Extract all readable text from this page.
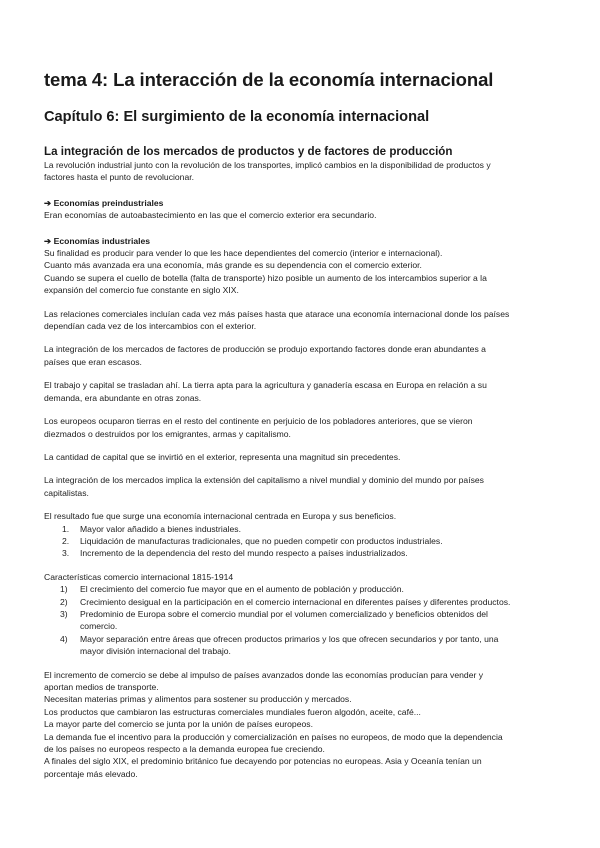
tema 4: La interacción de la economía internacional
Capítulo 6: El surgimiento de la economía internacional
La integración de los mercados de productos y de factores de producción
La revolución industrial junto con la revolución de los transportes, implicó cambios en la disponibilidad de productos y
factores hasta el punto de revolucionar.
➔ Economías preindustriales
Eran economías de autoabastecimiento en las que el comercio exterior era secundario.
➔ Economías industriales
Su finalidad es producir para vender lo que les hace dependientes del comercio (interior e internacional).
Cuanto más avanzada era una economía, más grande es su dependencia con el comercio exterior.
Cuando se supera el cuello de botella (falta de transporte) hizo posible un aumento de los intercambios superior a la
expansión del comercio fue constante en siglo XIX.
Las relaciones comerciales incluían cada vez más países hasta que atarace una economía internacional donde los países
dependían cada vez de los intercambios con el exterior.
La integración de los mercados de factores de producción se produjo exportando factores donde eran abundantes a
países que eran escasos.
El trabajo y capital se trasladan ahí. La tierra apta para la agricultura y ganadería escasa en Europa en relación a su
demanda, era abundante en otras zonas.
Los europeos ocuparon tierras en el resto del continente en perjuicio de los pobladores anteriores, que se vieron
diezmados o destruidos por los emigrantes, armas y capitalismo.
La cantidad de capital que se invirtió en el exterior, representa una magnitud sin precedentes.
La integración de los mercados implica la extensión del capitalismo a nivel mundial y dominio del mundo por países
capitalistas.
El resultado fue que surge una economía internacional centrada en Europa y sus beneficios.
1. Mayor valor añadido a bienes industriales.
2. Liquidación de manufacturas tradicionales, que no pueden competir con productos industriales.
3. Incremento de la dependencia del resto del mundo respecto a países industrializados.
Características comercio internacional 1815-1914
1) El crecimiento del comercio fue mayor que en el aumento de población y producción.
2) Crecimiento desigual en la participación en el comercio internacional en diferentes países y diferentes productos.
3) Predominio de Europa sobre el comercio mundial por el volumen comercializado y beneficios obtenidos del
comercio.
4) Mayor separación entre áreas que ofrecen productos primarios y los que ofrecen secundarios y por tanto, una
mayor división internacional del trabajo.
El incremento de comercio se debe al impulso de países avanzados donde las economías producían para vender y
aportan medios de transporte.
Necesitan materias primas y alimentos para sostener su producción y mercados.
Los productos que cambiaron las estructuras comerciales mundiales fueron algodón, aceite, café...
La mayor parte del comercio se junta por la unión de países europeos.
La demanda fue el incentivo para la producción y comercialización en países no europeos, de modo que la dependencia
de los países no europeos respecto a la demanda europea fue creciendo.
A finales del siglo XIX, el predominio británico fue decayendo por potencias no europeas. Asia y Oceanía tenían un
porcentaje más elevado.
